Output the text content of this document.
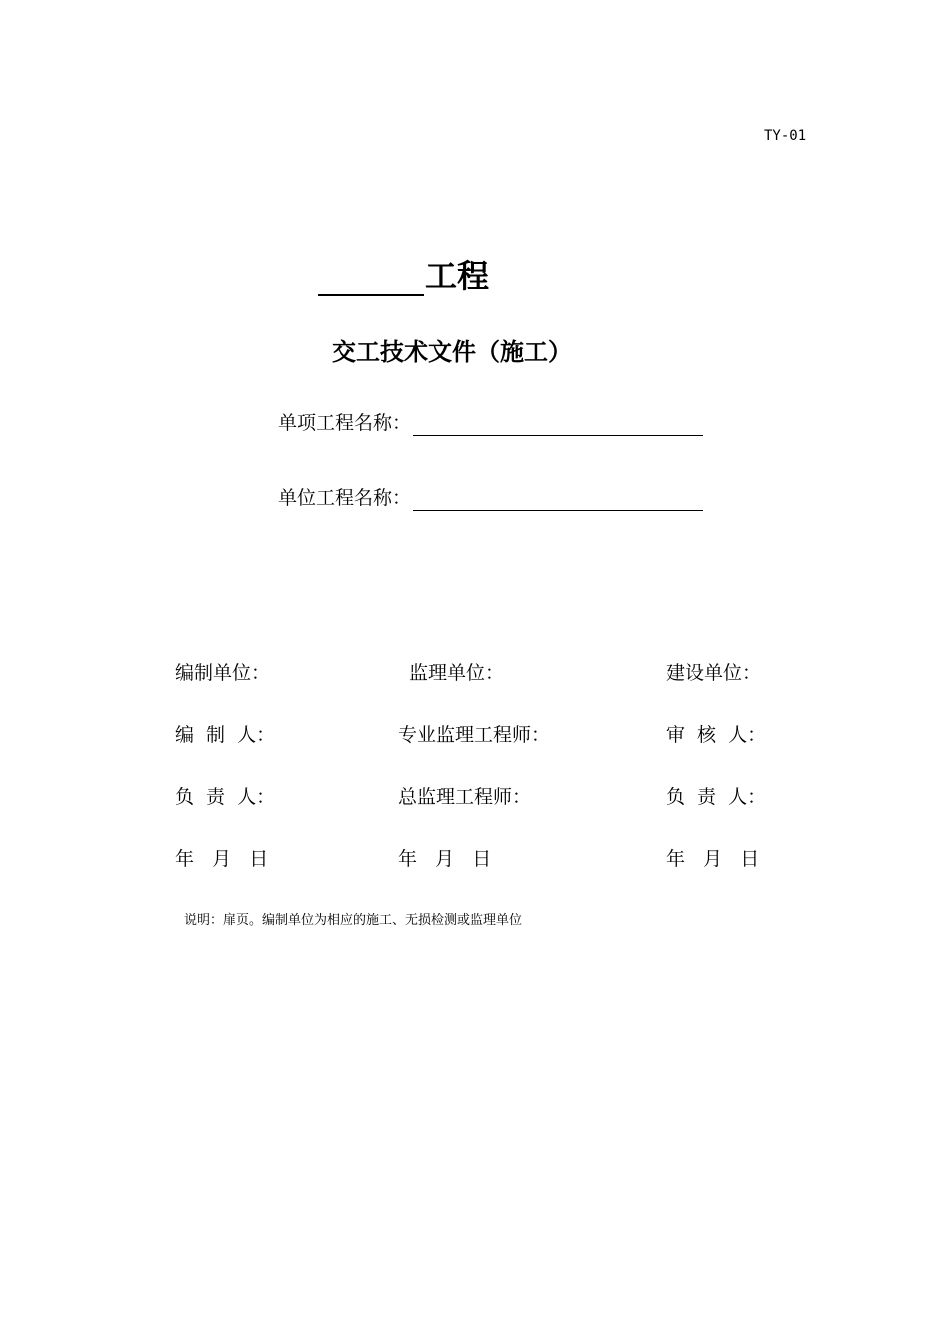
TY-01
工程
交工技术文件（施工）
单项工程名称：
单位工程名称：
编制单位：
编 制 人：
负 责 人：
年   月   日
监理单位：
专业监理工程师：
总监理工程师：
年   月   日
建设单位：
审 核 人：
负 责 人：
年   月   日
说明：扉页。编制单位为相应的施工、无损检测或监理单位
